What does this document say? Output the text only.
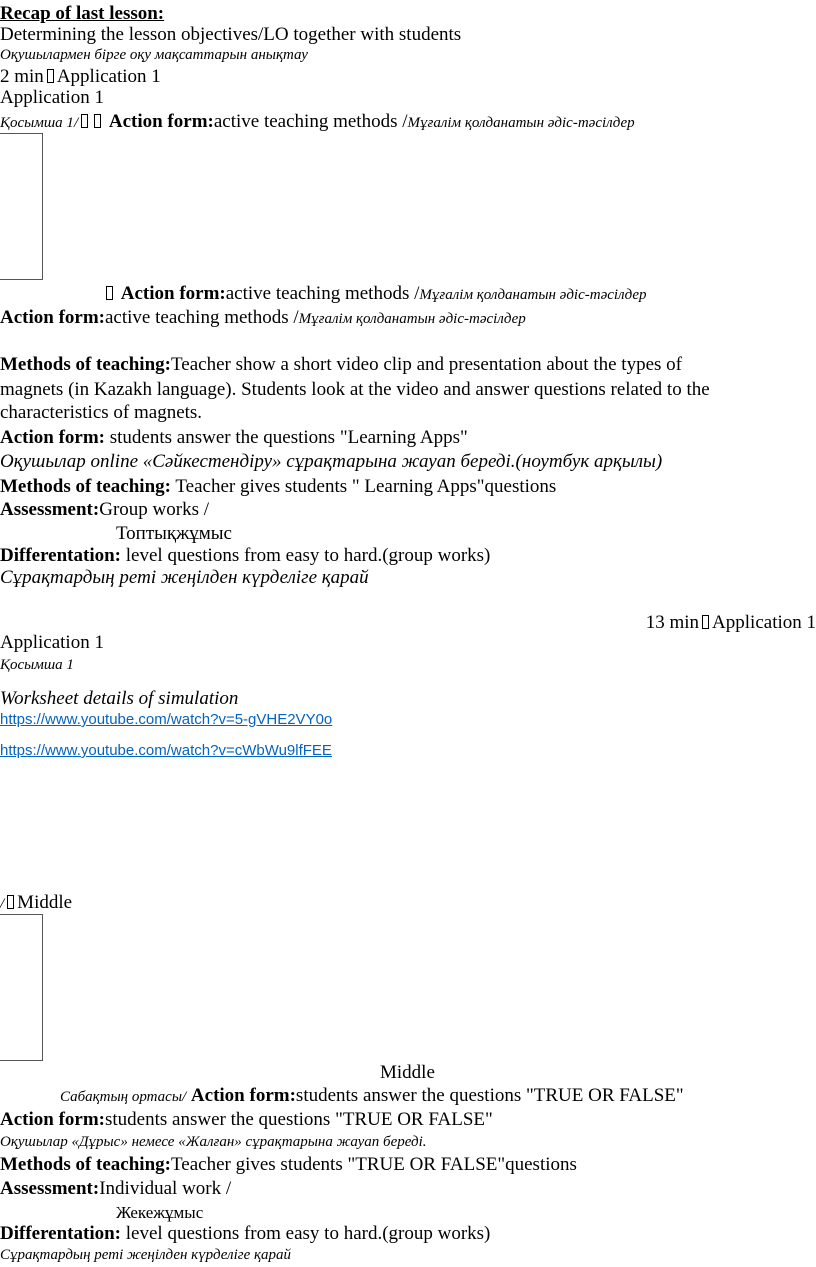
Recap of last lesson:
Determining the lesson objectives/LO together with students
Оқушылармен бірге оқу мақсаттарын анықтау
2 min Application 1
Application 1
Қосымша 1/ Action form:active teaching methods /Мұғалім қолданатын әдіс-тәсілдер
Action form:active teaching methods /Мұғалім қолданатын әдіс-тәсілдер
Action form:active teaching methods /Мұғалім қолданатын әдіс-тәсілдер
Methods of teaching:Teacher show a short video clip and presentation about the types of
magnets (in Kazakh language). Students look at the video and answer questions related to the
characteristics of magnets.
Action form: students answer the questions "Learning Apps"
Оқушылар online «Сәйкестендіру» сұрақтарына жауап береді.(ноутбук арқылы)
Methods of teaching: Teacher gives students " Learning Apps"questions
Assessment:Group works /
Топтықжұмыс
Differentation: level questions from easy to hard.(group works)
Сұрақтардың реті жеңілден күрделіге қарай
13 min Application 1
Application 1
Қосымша 1
Worksheet details of simulation
https://www.youtube.com/watch?v=5-gVHE2VY0o
https://www.youtube.com/watch?v=cWbWu9lfFEE
/ Middle
Middle
Сабақтың ортасы/ Action form:students answer the questions "TRUE OR FALSE"
Action form:students answer the questions "TRUE OR FALSE"
Оқушылар «Дұрыс» немесе «Жалған» сұрақтарына жауап береді.
Methods of teaching:Teacher gives students "TRUE OR FALSE"questions
Assessment:Individual work /
Жекежұмыс
Differentation: level questions from easy to hard.(group works)
Сұрақтардың реті жеңілден күрделіге қарай
